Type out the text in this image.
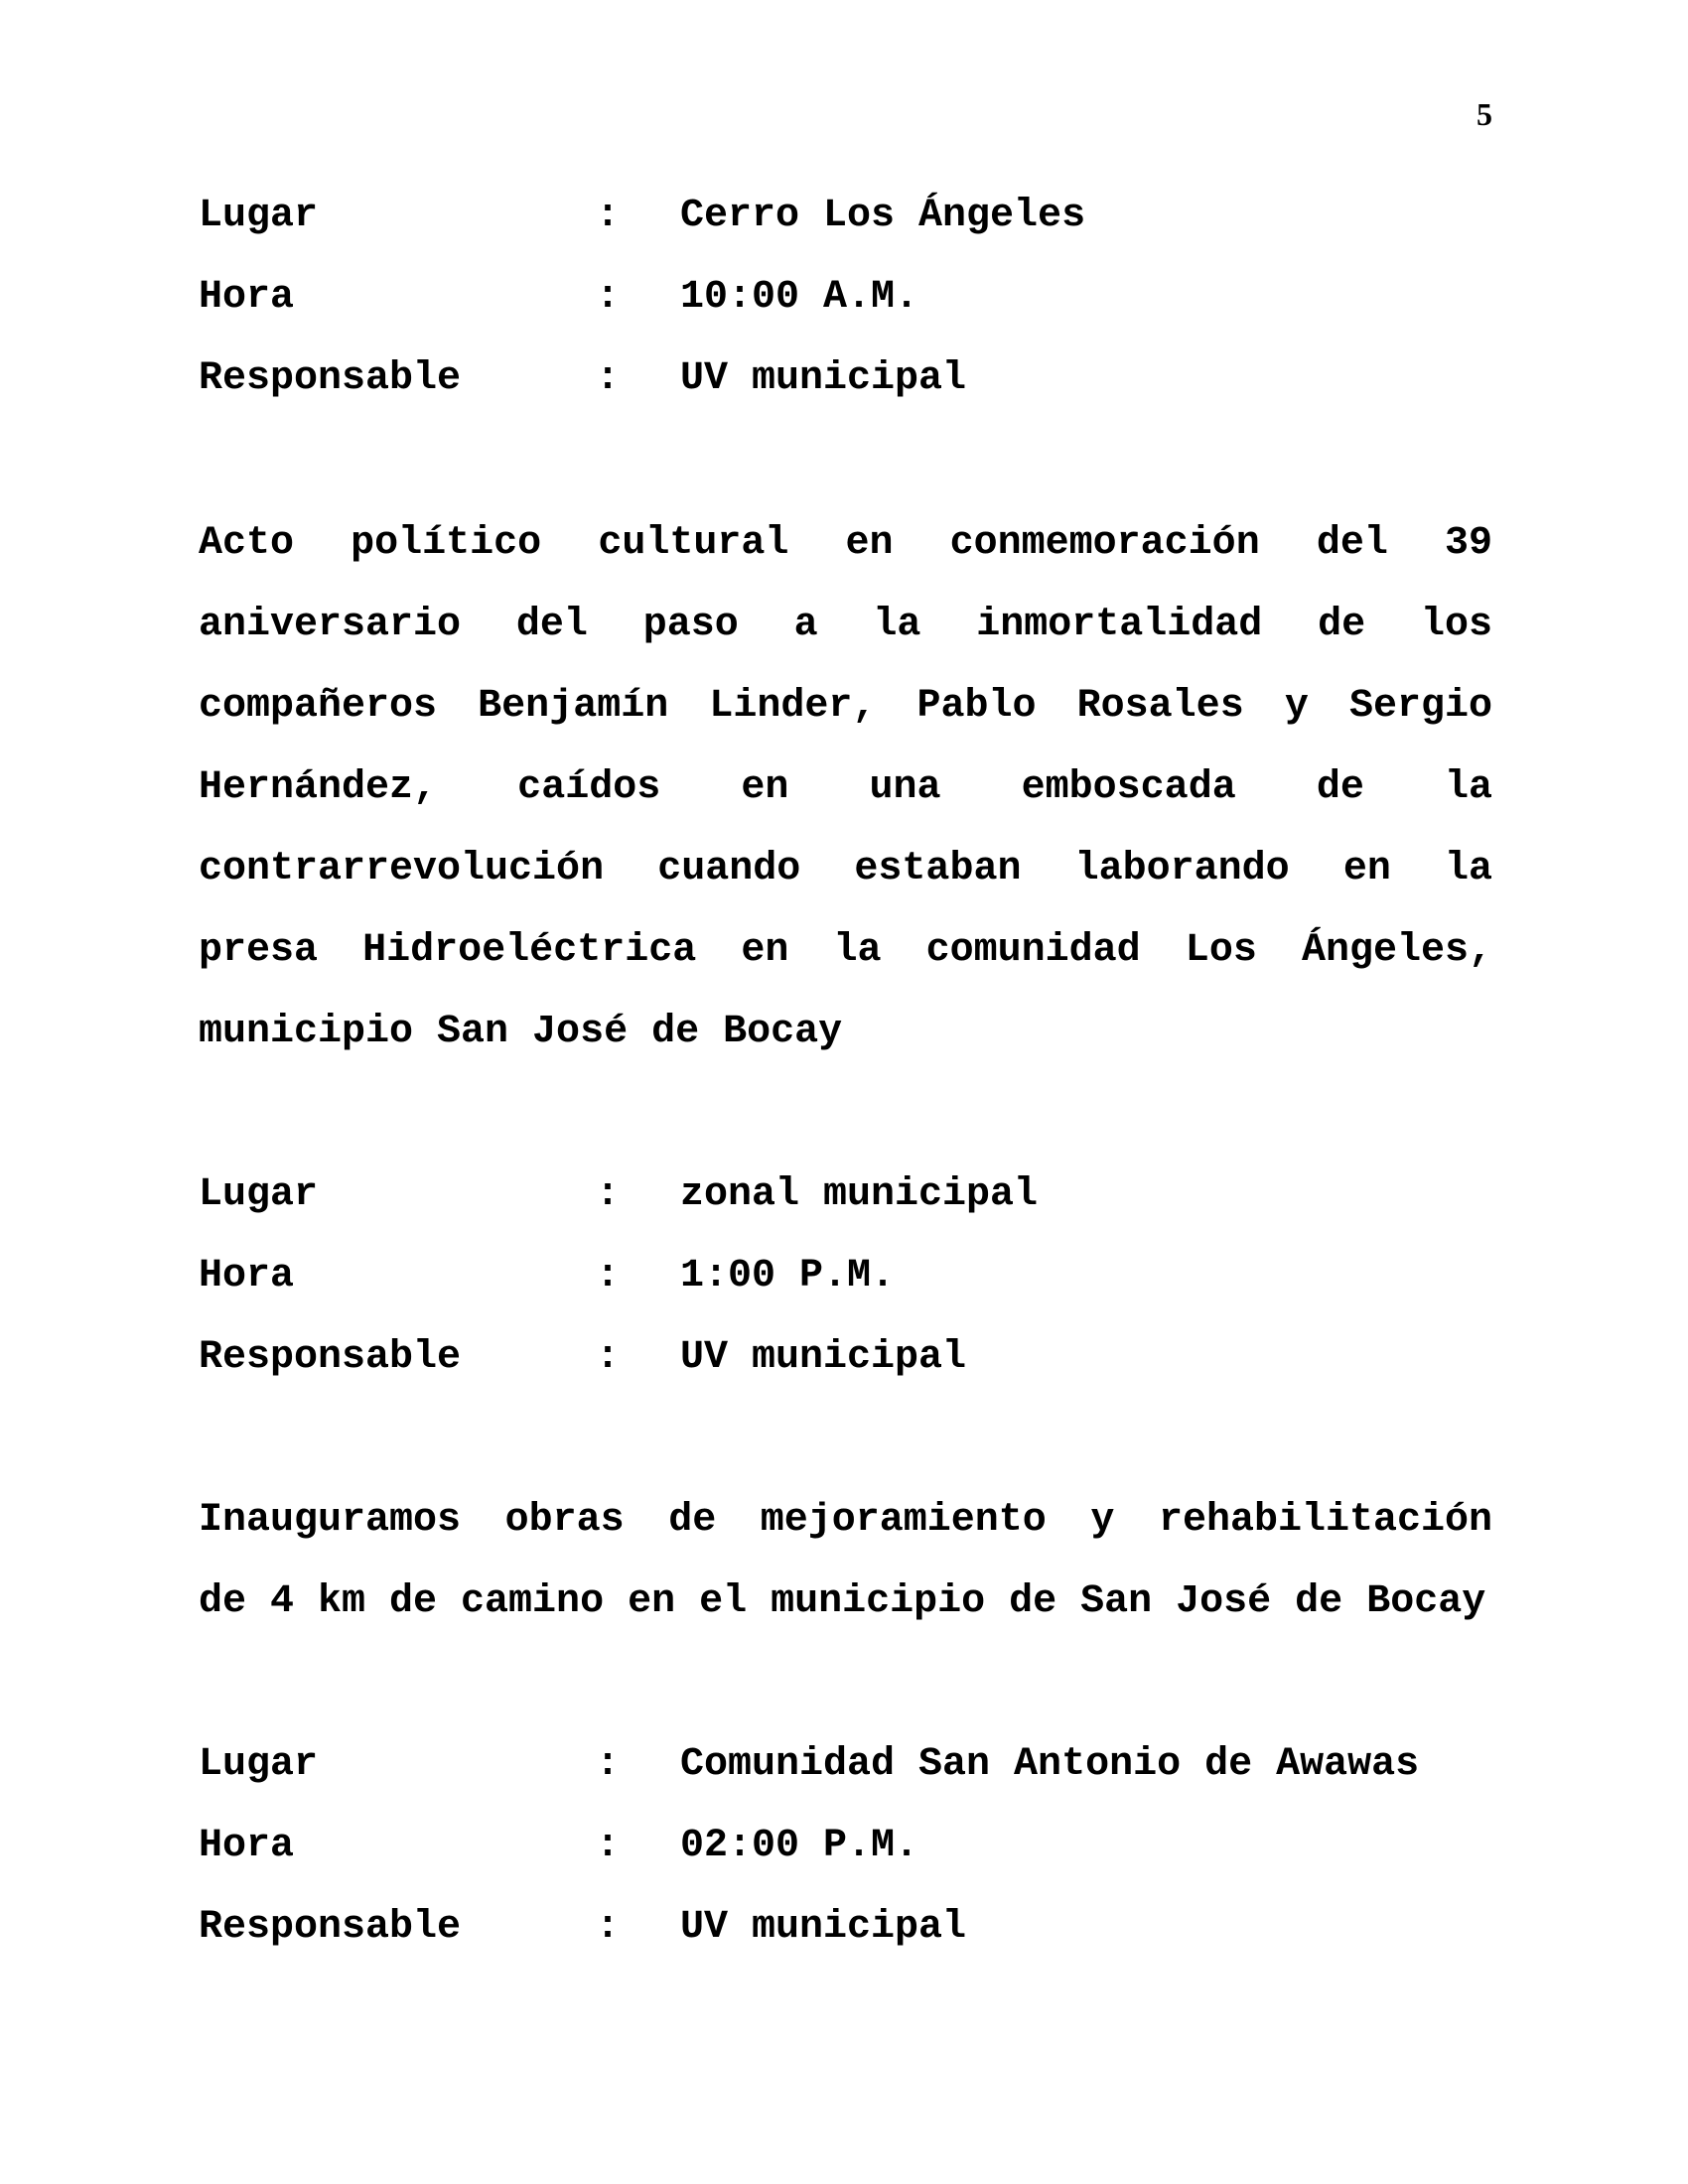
5
Lugar	:	Cerro Los Ángeles
Hora	:	10:00 A.M.
Responsable	:	UV municipal

Acto político cultural en conmemoración del 39
aniversario del paso a la inmortalidad de los
compañeros Benjamín Linder, Pablo Rosales y Sergio
Hernández, caídos en una emboscada de la
contrarrevolución cuando estaban laborando en la
presa Hidroeléctrica en la comunidad Los Ángeles,
municipio San José de Bocay

Lugar	:	zonal municipal
Hora	:	1:00 P.M.
Responsable	:	UV municipal

Inauguramos obras de mejoramiento y rehabilitación
de 4 km de camino en el municipio de San José de Bocay

Lugar	:	Comunidad San Antonio de Awawas
Hora	:	02:00 P.M.
Responsable	:	UV municipal
